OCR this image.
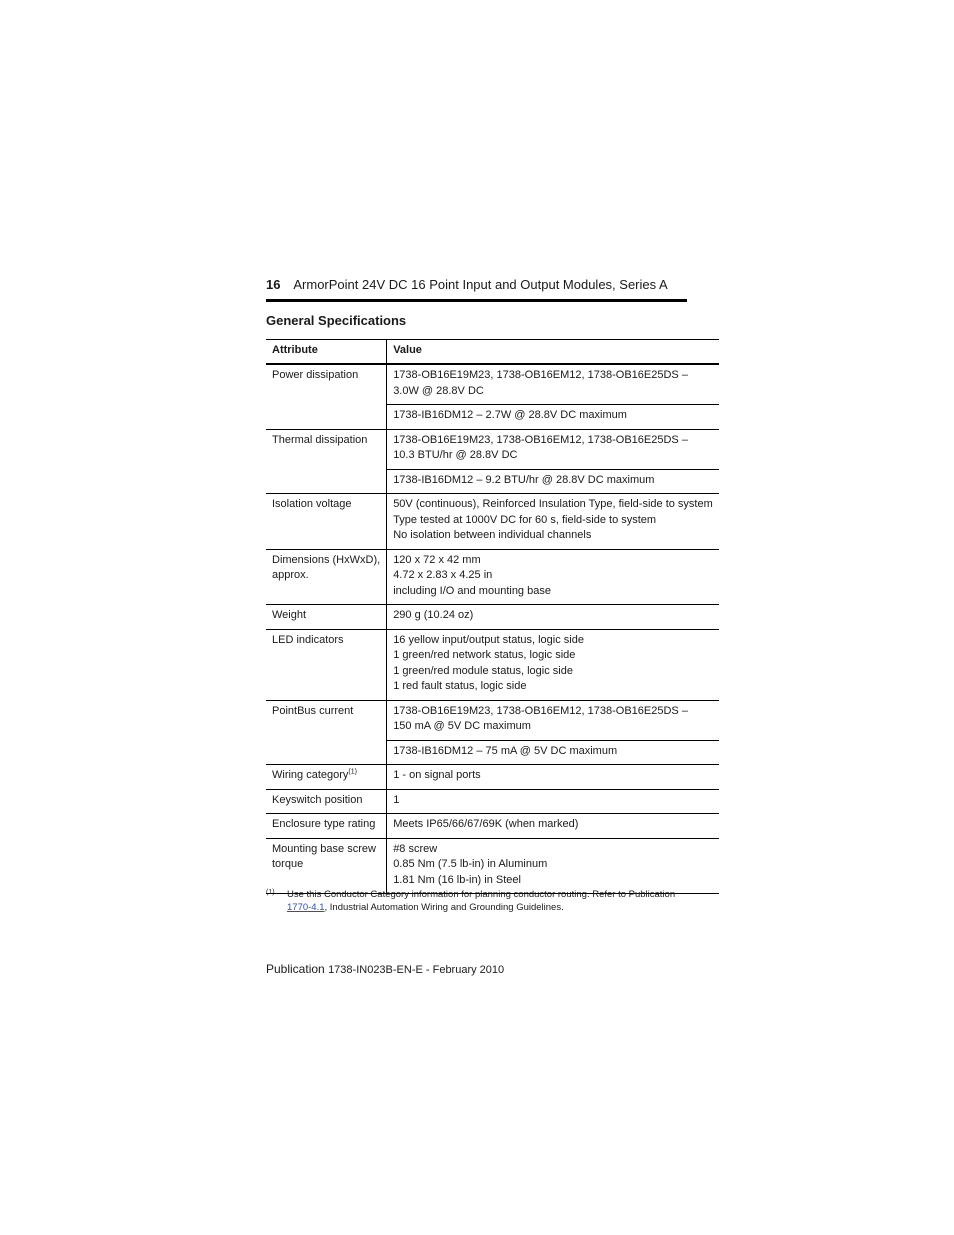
16 ArmorPoint 24V DC 16 Point Input and Output Modules, Series A
General Specifications
Attribute	Value

Power dissipation	1738-OB16E19M23, 1738-OB16EM12, 1738-OB16E25DS –
3.0W @ 28.8V DC

	1738-IB16DM12 – 2.7W @ 28.8V DC maximum

Thermal dissipation	1738-OB16E19M23, 1738-OB16EM12, 1738-OB16E25DS –
10.3 BTU/hr @ 28.8V DC

	1738-IB16DM12 – 9.2 BTU/hr @ 28.8V DC maximum

Isolation voltage	50V (continuous), Reinforced Insulation Type, field-side to system
Type tested at 1000V DC for 60 s, field-side to system
No isolation between individual channels

Dimensions (HxWxD),
approx.	120 x 72 x 42 mm
4.72 x 2.83 x 4.25 in
including I/O and mounting base

Weight	290 g (10.24 oz)

LED indicators	16 yellow input/output status, logic side
1 green/red network status, logic side
1 green/red module status, logic side
1 red fault status, logic side

PointBus current	1738-OB16E19M23, 1738-OB16EM12, 1738-OB16E25DS –
150 mA @ 5V DC maximum

	1738-IB16DM12 – 75 mA @ 5V DC maximum

Wiring category$^{(1)}$	1 - on signal ports

Keyswitch position	1

Enclosure type rating	Meets IP65/66/67/69K (when marked)

Mounting base screw
torque	#8 screw
0.85 Nm (7.5 lb-in) in Aluminum
1.81 Nm (16 lb-in) in Steel
(1) Use this Conductor Category information for planning conductor routing. Refer to Publication 1770-4.1, Industrial Automation Wiring and Grounding Guidelines.
Publication 1738-IN023B-EN-E - February 2010
